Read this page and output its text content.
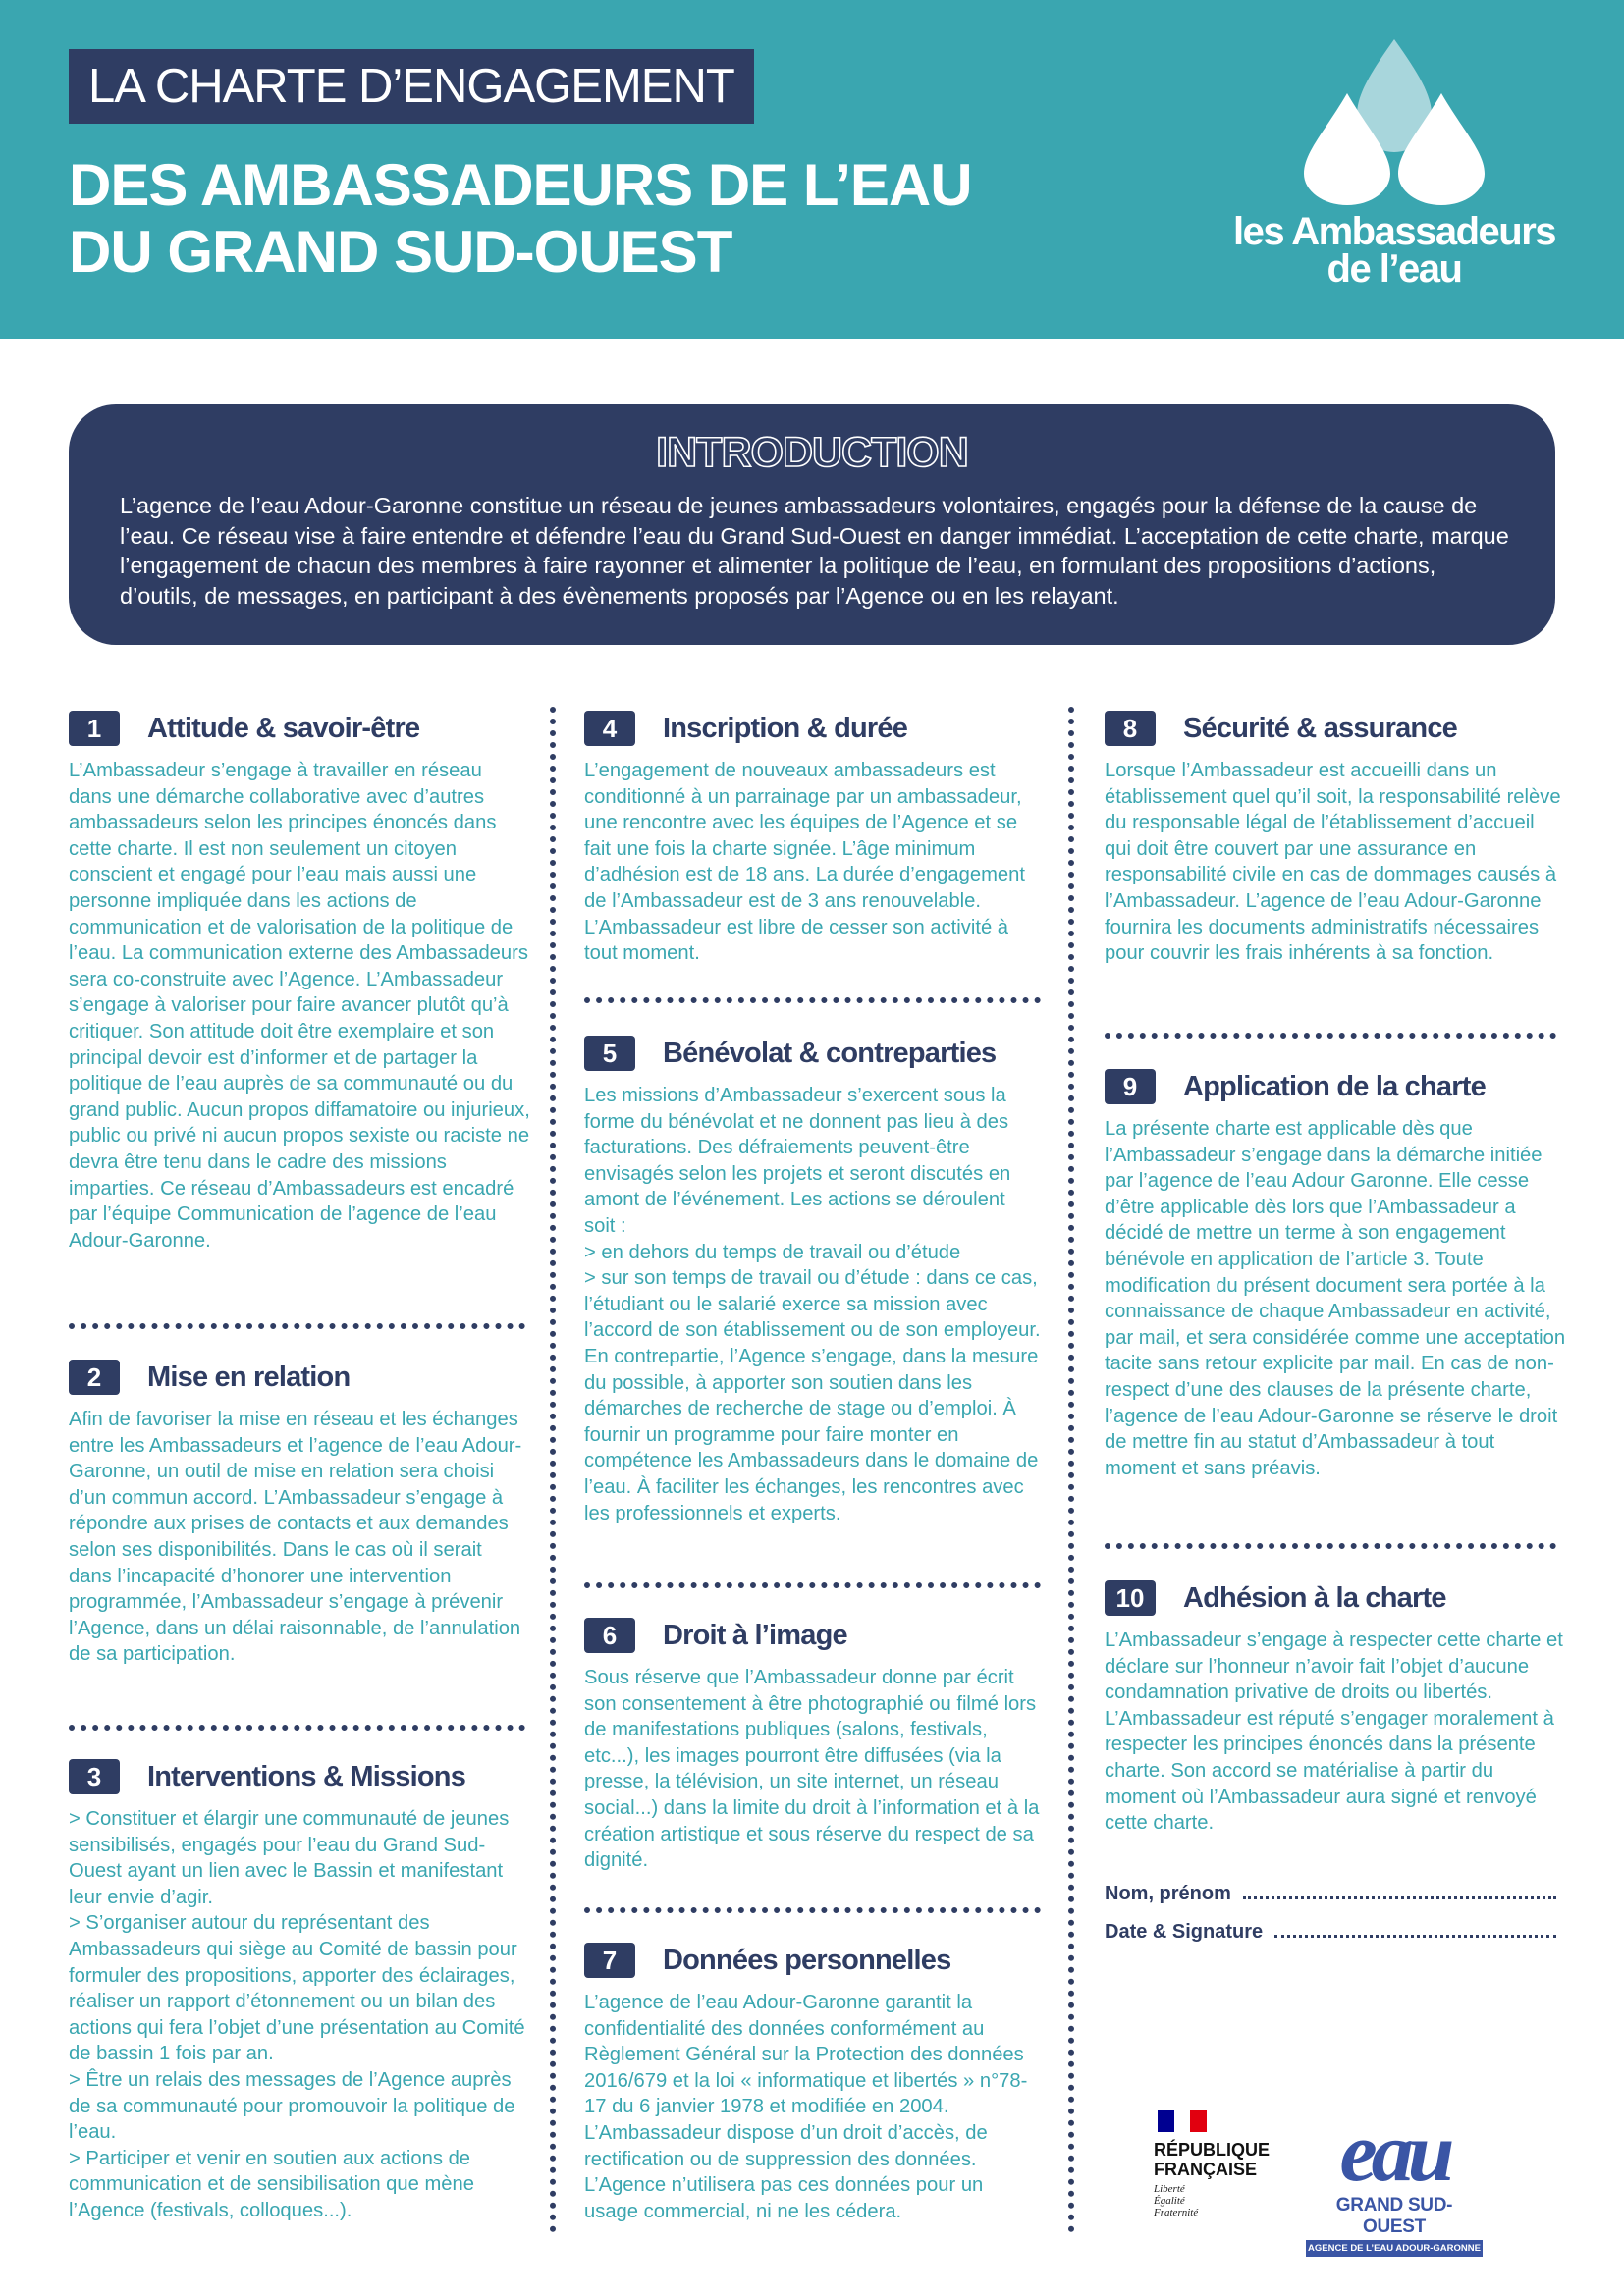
LA CHARTE D’ENGAGEMENT
DES AMBASSADEURS DE L’EAU
DU GRAND SUD-OUEST	les Ambassadeurs
de l’eau
INTRODUCTION
L’agence de l’eau Adour-Garonne constitue un réseau de jeunes ambassadeurs volontaires, engagés pour la défense de la cause de l’eau. Ce réseau vise à faire entendre et défendre l’eau du Grand Sud-Ouest en danger immédiat. L’acceptation de cette charte, marque l’engagement de chacun des membres à faire rayonner et alimenter la politique de l’eau, en formulant des propositions d’actions, d’outils, de messages, en participant à des évènements proposés par l’Agence ou en les relayant.
1	Attitude & savoir-être
L’Ambassadeur s’engage à travailler en réseau dans une démarche collaborative avec d’autres ambassadeurs selon les principes énoncés dans cette charte. Il est non seulement un citoyen conscient et engagé pour l’eau mais aussi une personne impliquée dans les actions de communication et de valorisation de la politique de l’eau. La communication externe des Ambassadeurs sera co-construite avec l’Agence. L’Ambassadeur s’engage à valoriser pour faire avancer plutôt qu’à critiquer. Son attitude doit être exemplaire et son principal devoir est d’informer et de partager la politique de l’eau auprès de sa communauté ou du grand public. Aucun propos diffamatoire ou injurieux, public ou privé ni aucun propos sexiste ou raciste ne devra être tenu dans le cadre des missions imparties. Ce réseau d’Ambassadeurs est encadré par l’équipe Communication de l’agence de l’eau Adour-Garonne.
2	Mise en relation
Afin de favoriser la mise en réseau et les échanges entre les Ambassadeurs et l’agence de l’eau Adour-Garonne, un outil de mise en relation sera choisi d’un commun accord. L’Ambassadeur s’engage à répondre aux prises de contacts et aux demandes selon ses disponibilités. Dans le cas où il serait dans l’incapacité d’honorer une intervention programmée, l’Ambassadeur s’engage à prévenir l’Agence, dans un délai raisonnable, de l’annulation de sa participation.
3	Interventions & Missions
> Constituer et élargir une communauté de jeunes sensibilisés, engagés pour l’eau du Grand Sud-Ouest ayant un lien avec le Bassin et manifestant leur envie d’agir.
> S’organiser autour du représentant des Ambassadeurs qui siège au Comité de bassin pour formuler des propositions, apporter des éclairages, réaliser un rapport d’étonnement ou un bilan des actions qui fera l’objet d’une présentation au Comité de bassin 1 fois par an.
> Être un relais des messages de l’Agence auprès de sa communauté pour promouvoir la politique de l’eau.
> Participer et venir en soutien aux actions de communication et de sensibilisation que mène l’Agence (festivals, colloques...).
4	Inscription & durée
L’engagement de nouveaux ambassadeurs est conditionné à un parrainage par un ambassadeur, une rencontre avec les équipes de l’Agence et se fait une fois la charte signée. L’âge minimum d’adhésion est de 18 ans. La durée d’engagement de l’Ambassadeur est de 3 ans renouvelable. L’Ambassadeur est libre de cesser son activité à tout moment.
5	Bénévolat & contreparties
Les missions d’Ambassadeur s’exercent sous la forme du bénévolat et ne donnent pas lieu à des facturations. Des défraiements peuvent-être envisagés selon les projets et seront discutés en amont de l’événement. Les actions se déroulent soit :
> en dehors du temps de travail ou d’étude
> sur son temps de travail ou d’étude : dans ce cas, l’étudiant ou le salarié exerce sa mission avec l’accord de son établissement ou de son employeur.
En contrepartie, l’Agence s’engage, dans la mesure du possible, à apporter son soutien dans les démarches de recherche de stage ou d’emploi. À fournir un programme pour faire monter en compétence les Ambassadeurs dans le domaine de l’eau. À faciliter les échanges, les rencontres avec les professionnels et experts.
6	Droit à l’image
Sous réserve que l’Ambassadeur donne par écrit son consentement à être photographié ou filmé lors de manifestations publiques (salons, festivals, etc...), les images pourront être diffusées (via la presse, la télévision, un site internet, un réseau social...) dans la limite du droit à l’information et à la création artistique et sous réserve du respect de sa dignité.
7	Données personnelles
L’agence de l’eau Adour-Garonne garantit la confidentialité des données conformément au Règlement Général sur la Protection des données 2016/679 et la loi « informatique et libertés » n°78-17 du 6 janvier 1978 et modifiée en 2004. L’Ambassadeur dispose d’un droit d’accès, de rectification ou de suppression des données. L’Agence n’utilisera pas ces données pour un usage commercial, ni ne les cédera.
8	Sécurité & assurance
Lorsque l’Ambassadeur est accueilli dans un établissement quel qu’il soit, la responsabilité relève du responsable légal de l’établissement d’accueil qui doit être couvert par une assurance en responsabilité civile en cas de dommages causés à l’Ambassadeur. L’agence de l’eau Adour-Garonne fournira les documents administratifs nécessaires pour couvrir les frais inhérents à sa fonction.
9	Application de la charte
La présente charte est applicable dès que l’Ambassadeur s’engage dans la démarche initiée par l’agence de l’eau Adour Garonne. Elle cesse d’être applicable dès lors que l’Ambassadeur a décidé de mettre un terme à son engagement bénévole en application de l’article 3. Toute modification du présent document sera portée à la connaissance de chaque Ambassadeur en activité, par mail, et sera considérée comme une acceptation tacite sans retour explicite par mail. En cas de non-respect d’une des clauses de la présente charte, l’agence de l’eau Adour-Garonne se réserve le droit de mettre fin au statut d’Ambassadeur à tout moment et sans préavis.
10	Adhésion à la charte
L’Ambassadeur s’engage à respecter cette charte et déclare sur l’honneur n’avoir fait l’objet d’aucune condamnation privative de droits ou libertés. L’Ambassadeur est réputé s’engager moralement à respecter les principes énoncés dans la présente charte. Son accord se matérialise à partir du moment où l’Ambassadeur aura signé et renvoyé cette charte.
Nom, prénom
Date & Signature
RÉPUBLIQUE
FRANÇAISE
Liberté
Égalité
Fraternité
eau
GRAND SUD-OUEST
AGENCE DE L’EAU ADOUR-GARONNE
